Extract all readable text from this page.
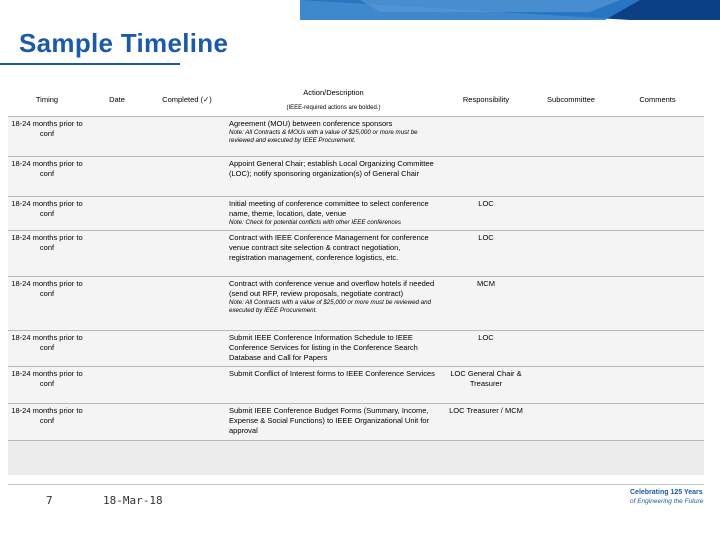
Sample Timeline
Timing	Date	Completed (✓)	Action/Description
(IEEE-required actions are bolded.)	Responsibility	Subcommittee	Comments
18-24 months prior to conf			Agreement (MOU) between conference sponsors
Note: All Contracts & MOUs with a value of $25,000 or more must be reviewed and executed by IEEE Procurement.			

18-24 months prior to conf			Appoint General Chair; establish Local Organizing Committee (LOC); notify sponsoring organization(s) of General Chair			

18-24 months prior to conf			Initial meeting of conference committee to select conference name, theme, location, date, venue
Note: Check for potential conflicts with other IEEE conferences	LOC		
18-24 months prior to conf			Contract with IEEE Conference Management for conference venue contract site selection & contract negotiation, registration management, conference logistics, etc.	LOC		
18-24 months prior to conf			Contract with conference venue and overflow hotels if needed (send out RFP, review proposals, negotiate contract)
Note: All Contracts with a value of $25,000 or more must be reviewed and executed by IEEE Procurement.	MCM		
18-24 months prior to conf			Submit IEEE Conference Information Schedule to IEEE Conference Services for listing in the Conference Search Database and Call for Papers	LOC		
18-24 months prior to conf			Submit Conflict of Interest forms to IEEE Conference Services	LOC General Chair & Treasurer		
18-24 months prior to conf			Submit IEEE Conference Budget Forms (Summary, Income, Expense & Social Functions) to IEEE Organizational Unit for approval	LOC Treasurer / MCM		

7	18-Mar-18
Celebrating 125 Years
of Engineering the Future
